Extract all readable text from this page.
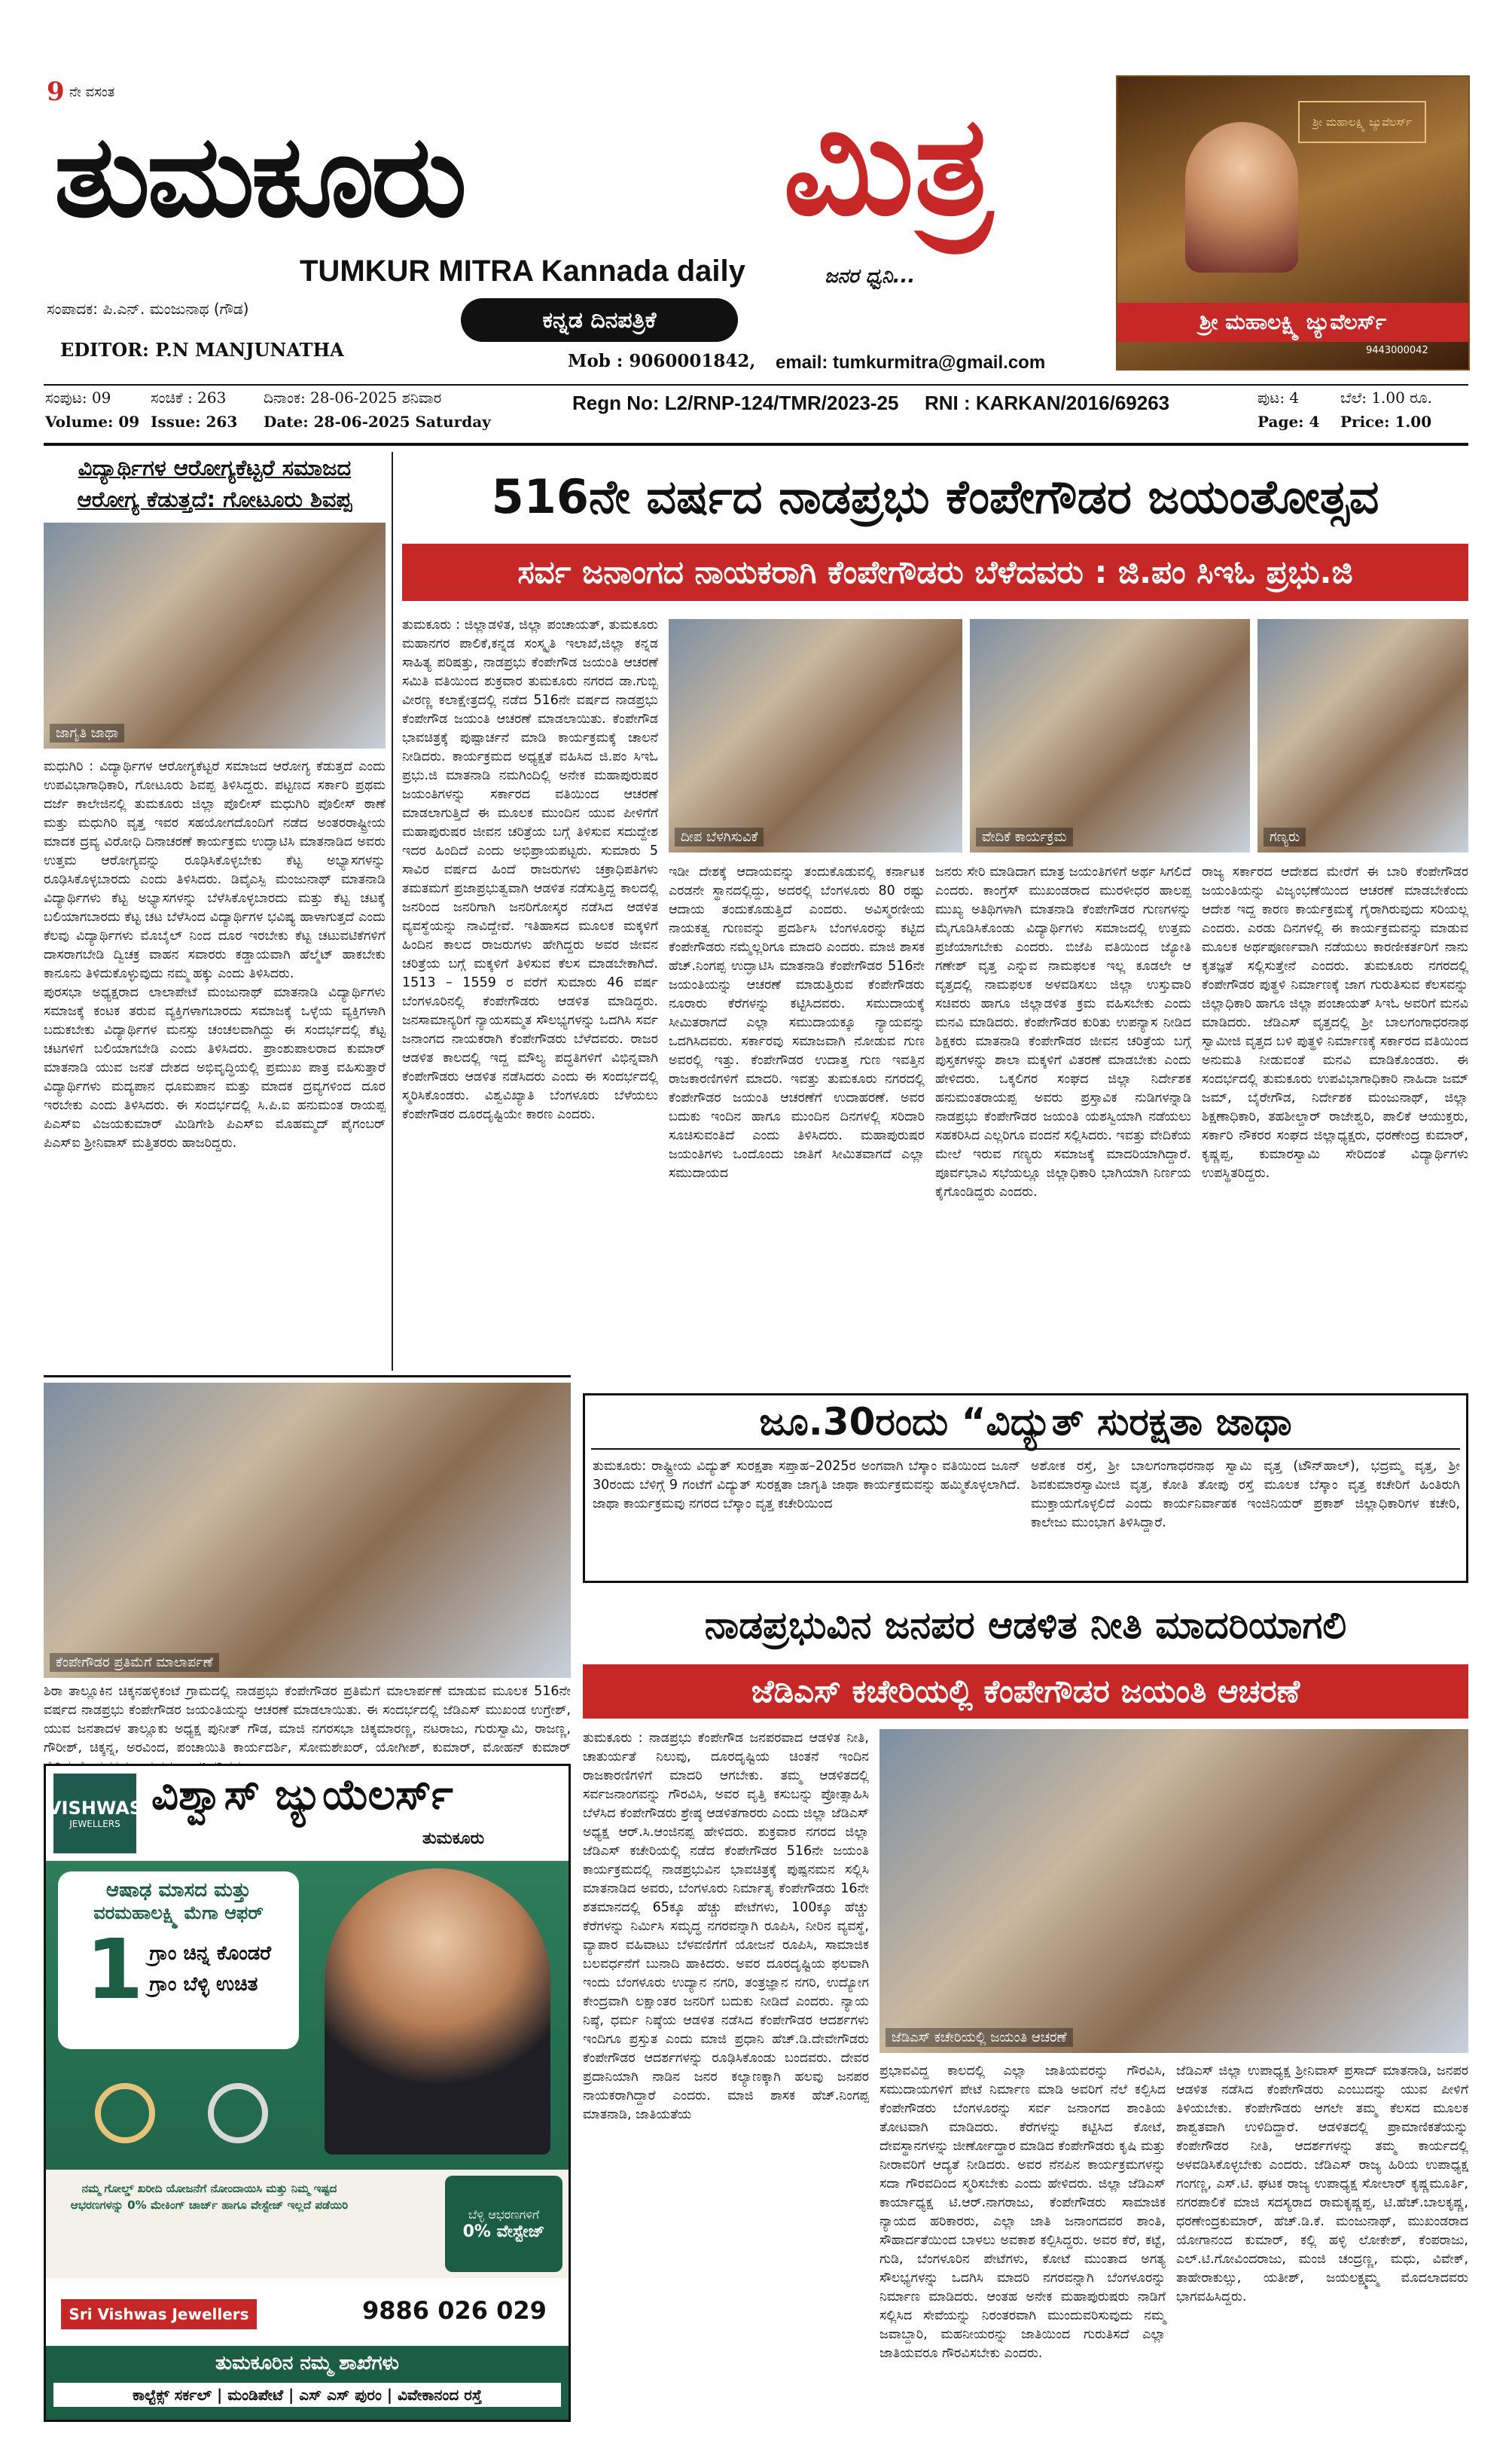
9 ನೇ ವಸಂತ
ತುಮಕೂರು ಮಿತ್ರ
TUMKUR MITRA Kannada daily	ಜನರ ಧ್ವನಿ...
ಸಂಪಾದಕ: ಪಿ.ಎನ್. ಮಂಜುನಾಥ (ಗೌಡ)
EDITOR: P.N MANJUNATHA
ಕನ್ನಡ ದಿನಪತ್ರಿಕೆ
Mob : 9060001842, email: tumkurmitra@gmail.com
ಶ್ರೀ ಮಹಾಲಕ್ಷ್ಮಿ ಜ್ಯುವೆಲರ್ಸ್
ಶ್ರೀ ಮಹಾಲಕ್ಷ್ಮಿ ಜ್ಯುವೆಲರ್ಸ್
9443000042
ಸಂಪುಟ: 09	ಸಂಚಿಕೆ : 263 ದಿನಾಂಕ: 28-06-2025 ಶನಿವಾರ
Volume: 09 Issue: 263 Date: 28-06-2025 Saturday
Regn No: L2/RNP-124/TMR/2023-25 RNI : KARKAN/2016/69263	ಪುಟ: 4	ಬೆಲೆ: 1.00 ರೂ.
Page: 4 Price: 1.00
ವಿದ್ಯಾರ್ಥಿಗಳ ಆರೋಗ್ಯಕೆಟ್ಟರೆ ಸಮಾಜದ ಆರೋಗ್ಯ ಕೆಡುತ್ತದೆ: ಗೋಟೂರು ಶಿವಪ್ಪ
ಜಾಗೃತಿ ಜಾಥಾ

ಮಧುಗಿರಿ : ವಿದ್ಯಾರ್ಥಿಗಳ ಆರೋಗ್ಯಕೆಟ್ಟರೆ ಸಮಾಜದ ಆರೋಗ್ಯ ಕೆಡುತ್ತದೆ ಎಂದು ಉಪವಿಭಾಗಾಧಿಕಾರಿ, ಗೋಟೂರು ಶಿವಪ್ಪ ತಿಳಿಸಿದ್ದರು. ಪಟ್ಟಣದ ಸರ್ಕಾರಿ ಪ್ರಥಮ ದರ್ಜೆ ಕಾಲೇಜಿನಲ್ಲಿ ತುಮಕೂರು ಜಿಲ್ಲಾ ಪೊಲೀಸ್ ಮಧುಗಿರಿ ಪೊಲೀಸ್ ಠಾಣೆ ಮತ್ತು ಮಧುಗಿರಿ ವೃತ್ತ ಇವರ ಸಹಯೋಗದೊಂದಿಗೆ ನಡೆದ ಅಂತರರಾಷ್ಟ್ರೀಯ ಮಾದಕ ದ್ರವ್ಯ ವಿರೋಧಿ ದಿನಾಚರಣೆ ಕಾರ್ಯಕ್ರಮ ಉದ್ಘಾಟಿಸಿ ಮಾತನಾಡಿದ ಅವರು ಉತ್ತಮ ಆರೋಗ್ಯವನ್ನು ರೂಢಿಸಿಕೊಳ್ಳಬೇಕು ಕೆಟ್ಟ ಅಭ್ಯಾಸಗಳನ್ನು ರೂಢಿಸಿಕೊಳ್ಳಬಾರದು ಎಂದು ತಿಳಿಸಿದರು. ಡಿವೈಎಸ್ಪಿ ಮಂಜುನಾಥ್ ಮಾತನಾಡಿ ವಿದ್ಯಾರ್ಥಿಗಳು ಕೆಟ್ಟ ಅಭ್ಯಾಸಗಳನ್ನು ಬೆಳೆಸಿಕೊಳ್ಳಬಾರದು ಮತ್ತು ಕೆಟ್ಟ ಚಟಕ್ಕೆ ಬಲಿಯಾಗಬಾರದು ಕೆಟ್ಟ ಚಟ ಬೆಳೆಸಿಂದ ವಿದ್ಯಾರ್ಥಿಗಳ ಭವಿಷ್ಯ ಹಾಳಾಗುತ್ತದೆ ಎಂದು ಕೆಲವು ವಿದ್ಯಾರ್ಥಿಗಳು ಮೊಬೈಲ್ ನಿಂದ ದೂರ ಇರಬೇಕು ಕೆಟ್ಟ ಚಟುವಟಿಕೆಗಳಿಗೆ ದಾಸರಾಗಬೇಡಿ ದ್ವಿಚಕ್ರ ವಾಹನ ಸವಾರರು ಕಡ್ಡಾಯವಾಗಿ ಹೆಲ್ಮೆಟ್ ಹಾಕಬೇಕು ಕಾನೂನು ತಿಳಿದುಕೊಳ್ಳುವುದು ನಮ್ಮ ಹಕ್ಕು ಎಂದು ತಿಳಿಸಿದರು.

ಪುರಸಭಾ ಅಧ್ಯಕ್ಷರಾದ ಲಾಲಾಪೇಟೆ ಮಂಜುನಾಥ್ ಮಾತನಾಡಿ ವಿದ್ಯಾರ್ಥಿಗಳು ಸಮಾಜಕ್ಕೆ ಕಂಟಕ ತರುವ ವ್ಯಕ್ತಿಗಳಾಗಬಾರದು ಸಮಾಜಕ್ಕೆ ಒಳ್ಳೆಯ ವ್ಯಕ್ತಿಗಳಾಗಿ ಬದುಕಬೇಕು ವಿದ್ಯಾರ್ಥಿಗಳ ಮನಸ್ಸು ಚಂಚಲವಾಗಿದ್ದು ಈ ಸಂದರ್ಭದಲ್ಲಿ ಕೆಟ್ಟ ಚಟಗಳಿಗೆ ಬಲಿಯಾಗಬೇಡಿ ಎಂದು ತಿಳಿಸಿದರು. ಪ್ರಾಂಶುಪಾಲರಾದ ಕುಮಾರ್ ಮಾತನಾಡಿ ಯುವ ಜನತೆ ದೇಶದ ಅಭಿವೃದ್ಧಿಯಲ್ಲಿ ಪ್ರಮುಖ ಪಾತ್ರ ವಹಿಸುತ್ತಾರೆ ವಿದ್ಯಾರ್ಥಿಗಳು ಮದ್ಯಪಾನ ಧೂಮಪಾನ ಮತ್ತು ಮಾದಕ ದ್ರವ್ಯಗಳಿಂದ ದೂರ ಇರಬೇಕು ಎಂದು ತಿಳಿಸಿದರು. ಈ ಸಂದರ್ಭದಲ್ಲಿ ಸಿ.ಪಿ.ಐ ಹನುಮಂತ ರಾಯಪ್ಪ ಪಿಎಸ್ಐ ವಿಜಯಕುಮಾರ್ ಮಿಡಿಗೇಶಿ ಪಿಎಸ್ಐ ಮೊಹಮ್ಮದ್ ಪೈಗಂಬರ್ ಪಿಎಸ್ಐ ಶ್ರೀನಿವಾಸ್ ಮತ್ತಿತರರು ಹಾಜರಿದ್ದರು.

516ನೇ ವರ್ಷದ ನಾಡಪ್ರಭು ಕೆಂಪೇಗೌಡರ ಜಯಂತೋತ್ಸವ
ಸರ್ವ ಜನಾಂಗದ ನಾಯಕರಾಗಿ ಕೆಂಪೇಗೌಡರು ಬೆಳೆದವರು : ಜಿ.ಪಂ ಸಿಇಓ ಪ್ರಭು.ಜಿ

ತುಮಕೂರು : ಜಿಲ್ಲಾಡಳಿತ, ಜಿಲ್ಲಾ ಪಂಚಾಯತ್, ತುಮಕೂರು ಮಹಾನಗರ ಪಾಲಿಕೆ,ಕನ್ನಡ ಸಂಸ್ಕೃತಿ ಇಲಾಖೆ,ಜಿಲ್ಲಾ ಕನ್ನಡ ಸಾಹಿತ್ಯ ಪರಿಷತ್ತು, ನಾಡಪ್ರಭು ಕೆಂಪೇಗೌಡ ಜಯಂತಿ ಆಚರಣೆ ಸಮಿತಿ ವತಿಯಿಂದ ಶುಕ್ರವಾರ ತುಮಕೂರು ನಗರದ ಡಾ.ಗುಬ್ಬಿ ವೀರಣ್ಣ ಕಲಾಕ್ಷೇತ್ರದಲ್ಲಿ ನಡೆದ 516ನೇ ವರ್ಷದ ನಾಡಪ್ರಭು ಕೆಂಪೇಗೌಡ ಜಯಂತಿ ಆಚರಣೆ ಮಾಡಲಾಯಿತು. ಕೆಂಪೇಗೌಡ ಭಾವಚಿತ್ರಕ್ಕೆ ಪುಷ್ಪಾರ್ಚನೆ ಮಾಡಿ ಕಾರ್ಯಕ್ರಮಕ್ಕೆ ಚಾಲನೆ ನೀಡಿದರು. ಕಾರ್ಯಕ್ರಮದ ಅಧ್ಯಕ್ಷತೆ ವಹಿಸಿದ ಜಿ.ಪಂ ಸಿಇಓ ಪ್ರಭು.ಜಿ ಮಾತನಾಡಿ ನಮಗಿಂದಿಲ್ಲಿ ಅನೇಕ ಮಹಾಪುರುಷರ ಜಯಂತಿಗಳನ್ನು ಸರ್ಕಾರದ ವತಿಯಿಂದ ಆಚರಣೆ ಮಾಡಲಾಗುತ್ತಿದೆ ಈ ಮೂಲಕ ಮುಂದಿನ ಯುವ ಪೀಳಿಗೆಗೆ ಮಹಾಪುರುಷರ ಜೀವನ ಚರಿತ್ರೆಯ ಬಗ್ಗೆ ತಿಳಿಸುವ ಸದುದ್ದೇಶ ಇದರ ಹಿಂದಿದೆ ಎಂದು ಅಭಿಪ್ರಾಯಪಟ್ಟರು. ಸುಮಾರು 5 ಸಾವಿರ ವರ್ಷದ ಹಿಂದೆ ರಾಜರುಗಳು ಚಕ್ರಾಧಿಪತಿಗಳು ತಮತಮಗೆ ಪ್ರಜಾಪ್ರಭುತ್ವವಾಗಿ ಆಡಳಿತ ನಡೆಸುತ್ತಿದ್ದ ಕಾಲದಲ್ಲಿ ಜನರಿಂದ ಜನರಿಗಾಗಿ ಜನರಿಗೋಸ್ಕರ ನಡೆಸಿದ ಆಡಳಿತ ವ್ಯವಸ್ಥೆಯನ್ನು ನಾವಿದ್ದೇವೆ. ಇತಿಹಾಸದ ಮೂಲಕ ಮಕ್ಕಳಿಗೆ ಹಿಂದಿನ ಕಾಲದ ರಾಜರುಗಳು ಹೇಗಿದ್ದರು ಅವರ ಜೀವನ ಚರಿತ್ರೆಯ ಬಗ್ಗೆ ಮಕ್ಕಳಿಗೆ ತಿಳಿಸುವ ಕೆಲಸ ಮಾಡಬೇಕಾಗಿದೆ. 1513 – 1559 ರ ವರೆಗೆ ಸುಮಾರು 46 ವರ್ಷ ಬೆಂಗಳೂರಿನಲ್ಲಿ ಕೆಂಪೇಗೌಡರು ಆಡಳಿತ ಮಾಡಿದ್ದರು. ಜನಸಾಮಾನ್ಯರಿಗೆ ನ್ಯಾಯಸಮ್ಮತ ಸೌಲಭ್ಯಗಳನ್ನು ಒದಗಿಸಿ ಸರ್ವ ಜನಾಂಗದ ನಾಯಕರಾಗಿ ಕೆಂಪೇಗೌಡರು ಬೆಳೆದವರು. ರಾಜರ ಆಡಳಿತ ಕಾಲದಲ್ಲಿ ಇದ್ದ ಮೌಲ್ಯ ಪದ್ಧತಿಗಳಿಗೆ ವಿಭಿನ್ನವಾಗಿ ಕೆಂಪೇಗೌಡರು ಆಡಳಿತ ನಡೆಸಿದರು ಎಂದು ಈ ಸಂದರ್ಭದಲ್ಲಿ ಸ್ಮರಿಸಿಕೊಂಡರು. ವಿಶ್ವವಿಖ್ಯಾತಿ ಬೆಂಗಳೂರು ಬೆಳೆಯಲು ಕೆಂಪೇಗೌಡರ ದೂರದೃಷ್ಟಿಯೇ ಕಾರಣ ಎಂದರು.

ದೀಪ ಬೆಳಗಿಸುವಿಕೆ	ವೇದಿಕೆ ಕಾರ್ಯಕ್ರಮ	ಗಣ್ಯರು

ಇಡೀ ದೇಶಕ್ಕೆ ಆದಾಯವನ್ನು ತಂದುಕೊಡುವಲ್ಲಿ ಕರ್ನಾಟಕ ಎರಡನೇ ಸ್ಥಾನದಲ್ಲಿದ್ದು, ಅದರಲ್ಲಿ ಬೆಂಗಳೂರು 80 ರಷ್ಟು ಆದಾಯ ತಂದುಕೊಡುತ್ತಿದೆ ಎಂದರು. ಅವಿಸ್ಮರಣೀಯ ನಾಯಕತ್ವ ಗುಣವನ್ನು ಪ್ರದರ್ಶಿಸಿ ಬೆಂಗಳೂರನ್ನು ಕಟ್ಟಿದ ಕೆಂಪೇಗೌಡರು ನಮ್ಮೆಲ್ಲರಿಗೂ ಮಾದರಿ ಎಂದರು. ಮಾಜಿ ಶಾಸಕ ಹೆಚ್.ನಿಂಗಪ್ಪ ಉದ್ಘಾಟಿಸಿ ಮಾತನಾಡಿ ಕೆಂಪೇಗೌಡರ 516ನೇ ಜಯಂತಿಯನ್ನು ಆಚರಣೆ ಮಾಡುತ್ತಿರುವ ಕೆಂಪೇಗೌಡರು ನೂರಾರು ಕೆರೆಗಳನ್ನು ಕಟ್ಟಿಸಿದವರು. ಸಮುದಾಯಕ್ಕೆ ಸೀಮಿತರಾಗದೆ ಎಲ್ಲಾ ಸಮುದಾಯಕ್ಕೂ ನ್ಯಾಯವನ್ನು ಒದಗಿಸಿದವರು. ಸರ್ಕಾರವು ಸಮಾಜವಾಗಿ ನೋಡುವ ಗುಣ ಅವರಲ್ಲಿ ಇತ್ತು. ಕೆಂಪೇಗೌಡರ ಉದಾತ್ತ ಗುಣ ಇವತ್ತಿನ ರಾಜಕಾರಣಿಗಳಿಗೆ ಮಾದರಿ. ಇವತ್ತು ತುಮಕೂರು ನಗರದಲ್ಲಿ ಕೆಂಪೇಗೌಡರ ಜಯಂತಿ ಆಚರಣೆಗೆ ಉದಾಹರಣೆ. ಅವರ ಬದುಕು ಇಂದಿನ ಹಾಗೂ ಮುಂದಿನ ದಿನಗಳಲ್ಲಿ ಸರಿದಾರಿ ಸೂಚಿಸುವಂತಿದೆ ಎಂದು ತಿಳಿಸಿದರು. ಮಹಾಪುರುಷರ ಜಯಂತಿಗಳು ಒಂದೊಂದು ಜಾತಿಗೆ ಸೀಮಿತವಾಗದೆ ಎಲ್ಲಾ ಸಮುದಾಯದ

ಜನರು ಸೇರಿ ಮಾಡಿದಾಗ ಮಾತ್ರ ಜಯಂತಿಗಳಿಗೆ ಅರ್ಥ ಸಿಗಲಿದೆ ಎಂದರು. ಕಾಂಗ್ರೆಸ್ ಮುಖಂಡರಾದ ಮುರಳೀಧರ ಹಾಲಪ್ಪ ಮುಖ್ಯ ಅತಿಥಿಗಳಾಗಿ ಮಾತನಾಡಿ ಕೆಂಪೇಗೌಡರ ಗುಣಗಳನ್ನು ಮೈಗೂಡಿಸಿಕೊಂಡು ವಿದ್ಯಾರ್ಥಿಗಳು ಸಮಾಜದಲ್ಲಿ ಉತ್ತಮ ಪ್ರಜೆಯಾಗಬೇಕು ಎಂದರು. ಬಿಜೆಪಿ ವತಿಯಿಂದ ಜ್ಯೋತಿ ಗಣೇಶ್ ವೃತ್ತ ಎನ್ನುವ ನಾಮಫಲಕ ಇಲ್ಲ ಕೂಡಲೇ ಆ ವೃತ್ತದಲ್ಲಿ ನಾಮಫಲಕ ಅಳವಡಿಸಲು ಜಿಲ್ಲಾ ಉಸ್ತುವಾರಿ ಸಚಿವರು ಹಾಗೂ ಜಿಲ್ಲಾಡಳಿತ ಕ್ರಮ ವಹಿಸಬೇಕು ಎಂದು ಮನವಿ ಮಾಡಿದರು. ಕೆಂಪೇಗೌಡರ ಕುರಿತು ಉಪನ್ಯಾಸ ನೀಡಿದ ಶಿಕ್ಷಕರು ಮಾತನಾಡಿ ಕೆಂಪೇಗೌಡರ ಜೀವನ ಚರಿತ್ರೆಯ ಬಗ್ಗೆ ಪುಸ್ತಕಗಳನ್ನು ಶಾಲಾ ಮಕ್ಕಳಿಗೆ ವಿತರಣೆ ಮಾಡಬೇಕು ಎಂದು ಹೇಳಿದರು. ಒಕ್ಕಲಿಗರ ಸಂಘದ ಜಿಲ್ಲಾ ನಿರ್ದೇಶಕ ಹನುಮಂತರಾಯಪ್ಪ ಅವರು ಪ್ರಸ್ತಾವಿಕ ನುಡಿಗಳನ್ನಾಡಿ ನಾಡಪ್ರಭು ಕೆಂಪೇಗೌಡರ ಜಯಂತಿ ಯಶಸ್ವಿಯಾಗಿ ನಡೆಯಲು ಸಹಕರಿಸಿದ ಎಲ್ಲರಿಗೂ ವಂದನೆ ಸಲ್ಲಿಸಿದರು. ಇವತ್ತು ವೇದಿಕೆಯ ಮೇಲೆ ಇರುವ ಗಣ್ಯರು ಸಮಾಜಕ್ಕೆ ಮಾದರಿಯಾಗಿದ್ದಾರೆ. ಪೂರ್ವಭಾವಿ ಸಭೆಯಲ್ಲೂ ಜಿಲ್ಲಾಧಿಕಾರಿ ಭಾಗಿಯಾಗಿ ನಿರ್ಣಯ ಕೈಗೊಂಡಿದ್ದರು ಎಂದರು.

ರಾಜ್ಯ ಸರ್ಕಾರದ ಆದೇಶದ ಮೇರೆಗೆ ಈ ಬಾರಿ ಕೆಂಪೇಗೌಡರ ಜಯಂತಿಯನ್ನು ವಿಜೃಂಭಣೆಯಿಂದ ಆಚರಣೆ ಮಾಡಬೇಕೆಂದು ಆದೇಶ ಇದ್ದ ಕಾರಣ ಕಾರ್ಯಕ್ರಮಕ್ಕೆ ಗೈರಾಗಿರುವುದು ಸರಿಯಲ್ಲ ಎಂದರು. ಎರಡು ದಿನಗಳಲ್ಲಿ ಈ ಕಾರ್ಯಕ್ರಮವನ್ನು ಮಾಡುವ ಮೂಲಕ ಅರ್ಥಪೂರ್ಣವಾಗಿ ನಡೆಯಲು ಕಾರಣೀಕರ್ತರಿಗೆ ನಾನು ಕೃತಜ್ಞತೆ ಸಲ್ಲಿಸುತ್ತೇನೆ ಎಂದರು. ತುಮಕೂರು ನಗರದಲ್ಲಿ ಕೆಂಪೇಗೌಡರ ಪುತ್ಥಳಿ ನಿರ್ಮಾಣಕ್ಕೆ ಜಾಗ ಗುರುತಿಸುವ ಕೆಲಸವನ್ನು ಜಿಲ್ಲಾಧಿಕಾರಿ ಹಾಗೂ ಜಿಲ್ಲಾ ಪಂಚಾಯತ್ ಸಿಇಓ ಅವರಿಗೆ ಮನವಿ ಮಾಡಿದರು. ಜೆಡಿಎಸ್ ವೃತ್ತದಲ್ಲಿ ಶ್ರೀ ಬಾಲಗಂಗಾಧರನಾಥ ಸ್ವಾಮೀಜಿ ವೃತ್ತದ ಬಳಿ ಪುತ್ಥಳಿ ನಿರ್ಮಾಣಕ್ಕೆ ಸರ್ಕಾರದ ವತಿಯಿಂದ ಅನುಮತಿ ನೀಡುವಂತೆ ಮನವಿ ಮಾಡಿಕೊಂಡರು. ಈ ಸಂದರ್ಭದಲ್ಲಿ ತುಮಕೂರು ಉಪವಿಭಾಗಾಧಿಕಾರಿ ನಾಹಿದಾ ಜಮ್ ಜಮ್, ಬೈರೇಗೌಡ, ನಿರ್ದೇಶಕ ಮಂಜುನಾಥ್, ಜಿಲ್ಲಾ ಶಿಕ್ಷಣಾಧಿಕಾರಿ, ತಹಶೀಲ್ದಾರ್ ರಾಜೇಶ್ವರಿ, ಪಾಲಿಕೆ ಆಯುಕ್ತರು, ಸರ್ಕಾರಿ ನೌಕರರ ಸಂಘದ ಜಿಲ್ಲಾಧ್ಯಕ್ಷರು, ಧರಣೇಂದ್ರ ಕುಮಾರ್, ಕೃಷ್ಣಪ್ಪ, ಕುಮಾರಸ್ವಾಮಿ ಸೇರಿದಂತೆ ವಿದ್ಯಾರ್ಥಿಗಳು ಉಪಸ್ಥಿತರಿದ್ದರು.

ಕೆಂಪೇಗೌಡರ ಪ್ರತಿಮೆಗೆ ಮಾಲಾರ್ಪಣೆ

ಶಿರಾ ತಾಲ್ಲೂಕಿನ ಚಿಕ್ಕನಹಳ್ಳಿಕಂಟೆ ಗ್ರಾಮದಲ್ಲಿ ನಾಡಪ್ರಭು ಕೆಂಪೇಗೌಡರ ಪ್ರತಿಮೆಗೆ ಮಾಲಾರ್ಪಣೆ ಮಾಡುವ ಮೂಲಕ 516ನೇ ವರ್ಷದ ನಾಡಪ್ರಭು ಕೆಂಪೇಗೌಡರ ಜಯಂತಿಯನ್ನು ಆಚರಣೆ ಮಾಡಲಾಯಿತು. ಈ ಸಂದರ್ಭದಲ್ಲಿ ಜೆಡಿಎಸ್ ಮುಖಂಡ ಉಗ್ರೇಶ್, ಯುವ ಜನತಾದಳ ತಾಲ್ಲೂಕು ಅಧ್ಯಕ್ಷ ಪುನೀತ್ ಗೌಡ, ಮಾಜಿ ನಗರಸಭಾ ಚಿಕ್ಕಮಾರಣ್ಣ, ನಟರಾಜು, ಗುರುಸ್ವಾಮಿ, ರಾಜಣ್ಣ, ಗೌರೀಶ್, ಚಿಕ್ಕನ್ನ, ಅರವಿಂದ, ಪಂಚಾಯಿತಿ ಕಾರ್ಯದರ್ಶಿ, ಸೋಮಶೇಖರ್, ಯೋಗೀಶ್, ಕುಮಾರ್, ಮೋಹನ್ ಕುಮಾರ್

ಜೂ.30ರಂದು “ವಿದ್ಯುತ್ ಸುರಕ್ಷತಾ ಜಾಥಾ

ತುಮಕೂರು: ರಾಷ್ಟ್ರೀಯ ವಿದ್ಯುತ್ ಸುರಕ್ಷತಾ ಸಪ್ತಾಹ–2025ರ ಅಂಗವಾಗಿ ಬೆಸ್ಕಾಂ ವತಿಯಿಂದ ಜೂನ್ 30ರಂದು ಬೆಳಿಗ್ಗೆ 9 ಗಂಟೆಗೆ ವಿದ್ಯುತ್ ಸುರಕ್ಷತಾ ಜಾಗೃತಿ ಜಾಥಾ ಕಾರ್ಯಕ್ರಮವನ್ನು ಹಮ್ಮಿಕೊಳ್ಳಲಾಗಿದೆ. ಜಾಥಾ ಕಾರ್ಯಕ್ರಮವು ನಗರದ ಬೆಸ್ಕಾಂ ವೃತ್ತ ಕಚೇರಿಯಿಂದ

ಅಶೋಕ ರಸ್ತೆ, ಶ್ರೀ ಬಾಲಗಂಗಾಧರನಾಥ ಸ್ವಾಮಿ ವೃತ್ತ (ಟೌನ್‌ಹಾಲ್), ಭದ್ರಮ್ಮ ವೃತ್ತ, ಶ್ರೀ ಶಿವಕುಮಾರಸ್ವಾಮೀಜಿ ವೃತ್ತ, ಕೋತಿ ತೋಪು ರಸ್ತೆ ಮೂಲಕ ಬೆಸ್ಕಾಂ ವೃತ್ತ ಕಚೇರಿಗೆ ಹಿಂತಿರುಗಿ ಮುಕ್ತಾಯಗೊಳ್ಳಲಿದೆ ಎಂದು ಕಾರ್ಯನಿರ್ವಾಹಕ ಇಂಜಿನಿಯರ್ ಪ್ರಕಾಶ್ ಜಿಲ್ಲಾಧಿಕಾರಿಗಳ ಕಚೇರಿ, ಕಾಲೇಜು ಮುಂಭಾಗ ತಿಳಿಸಿದ್ದಾರೆ.

ನಾಡಪ್ರಭುವಿನ ಜನಪರ ಆಡಳಿತ ನೀತಿ ಮಾದರಿಯಾಗಲಿ
ಜೆಡಿಎಸ್ ಕಚೇರಿಯಲ್ಲಿ ಕೆಂಪೇಗೌಡರ ಜಯಂತಿ ಆಚರಣೆ

ತುಮಕೂರು : ನಾಡಪ್ರಭು ಕೆಂಪೇಗೌಡ ಜನಪರವಾದ ಆಡಳಿತ ನೀತಿ, ಚಾತುರ್ಯತೆ ನಿಲುವು, ದೂರದೃಷ್ಟಿಯ ಚಿಂತನೆ ಇಂದಿನ ರಾಜಕಾರಣಿಗಳಿಗೆ ಮಾದರಿ ಆಗಬೇಕು. ತಮ್ಮ ಆಡಳಿತದಲ್ಲಿ ಸರ್ವಜನಾಂಗವನ್ನು ಗೌರವಿಸಿ, ಅವರ ವೃತ್ತಿ ಕಸುಬನ್ನು ಪ್ರೋತ್ಸಾಹಿಸಿ ಬೆಳೆಸಿದ ಕೆಂಪೇಗೌಡರು ಶ್ರೇಷ್ಠ ಆಡಳಿತಗಾರರು ಎಂದು ಜಿಲ್ಲಾ ಜೆಡಿಎಸ್ ಅಧ್ಯಕ್ಷ ಆರ್.ಸಿ.ಆಂಜಿನಪ್ಪ ಹೇಳಿದರು. ಶುಕ್ರವಾರ ನಗರದ ಜಿಲ್ಲಾ ಜೆಡಿಎಸ್ ಕಚೇರಿಯಲ್ಲಿ ನಡೆದ ಕೆಂಪೇಗೌಡರ 516ನೇ ಜಯಂತಿ ಕಾರ್ಯಕ್ರಮದಲ್ಲಿ ನಾಡಪ್ರಭುವಿನ ಭಾವಚಿತ್ರಕ್ಕೆ ಪುಷ್ಪನಮನ ಸಲ್ಲಿಸಿ ಮಾತನಾಡಿದ ಅವರು, ಬೆಂಗಳೂರು ನಿರ್ಮಾತೃ ಕೆಂಪೇಗೌಡರು 16ನೇ ಶತಮಾನದಲ್ಲಿ 65ಕ್ಕೂ ಹೆಚ್ಚು ಪೇಟೆಗಳು, 100ಕ್ಕೂ ಹೆಚ್ಚು ಕೆರೆಗಳನ್ನು ನಿರ್ಮಿಸಿ ಸಮೃದ್ಧ ನಗರವನ್ನಾಗಿ ರೂಪಿಸಿ, ನೀರಿನ ವ್ಯವಸ್ಥೆ, ವ್ಯಾಪಾರ ವಹಿವಾಟು ಬೆಳವಣಿಗೆಗೆ ಯೋಜನೆ ರೂಪಿಸಿ, ಸಾಮಾಜಿಕ ಬಲವರ್ಧನೆಗೆ ಬುನಾದಿ ಹಾಕಿದರು. ಅವರ ದೂರದೃಷ್ಟಿಯ ಫಲವಾಗಿ ಇಂದು ಬೆಂಗಳೂರು ಉದ್ಯಾನ ನಗರಿ, ತಂತ್ರಜ್ಞಾನ ನಗರಿ, ಉದ್ಯೋಗ ಕೇಂದ್ರವಾಗಿ ಲಕ್ಷಾಂತರ ಜನರಿಗೆ ಬದುಕು ನೀಡಿದೆ ಎಂದರು. ನ್ಯಾಯ ನಿಷ್ಠೆ, ಧರ್ಮ ನಿಷ್ಠೆಯ ಆಡಳಿತ ನಡೆಸಿದ ಕೆಂಪೇಗೌಡರ ಆದರ್ಶಗಳು ಇಂದಿಗೂ ಪ್ರಸ್ತುತ ಎಂದು ಮಾಜಿ ಪ್ರಧಾನಿ ಹೆಚ್.ಡಿ.ದೇವೇಗೌಡರು ಕೆಂಪೇಗೌಡರ ಆದರ್ಶಗಳನ್ನು ರೂಢಿಸಿಕೊಂಡು ಬಂದವರು. ದೇವರ ಪ್ರದಾನಿಯಾಗಿ ನಾಡಿನ ಜನರ ಕಲ್ಯಾಣಕ್ಕಾಗಿ ಹಲವು ಜನಪರ ನಾಯಕರಾಗಿದ್ದಾರೆ ಎಂದರು. ಮಾಜಿ ಶಾಸಕ ಹೆಚ್.ನಿಂಗಪ್ಪ ಮಾತನಾಡಿ, ಜಾತಿಯತೆಯ

ಜೆಡಿಎಸ್ ಕಚೇರಿಯಲ್ಲಿ ಜಯಂತಿ ಆಚರಣೆ

ಪ್ರಭಾವವಿದ್ದ ಕಾಲದಲ್ಲಿ ಎಲ್ಲಾ ಜಾತಿಯವರನ್ನು ಗೌರವಿಸಿ, ಸಮುದಾಯಗಳಿಗೆ ಪೇಟೆ ನಿರ್ಮಾಣ ಮಾಡಿ ಅವರಿಗೆ ನೆಲೆ ಕಲ್ಪಿಸಿದ ಕೆಂಪೇಗೌಡರು ಬೆಂಗಳೂರನ್ನು ಸರ್ವ ಜನಾಂಗದ ಶಾಂತಿಯ ತೋಟವಾಗಿ ಮಾಡಿದರು. ಕೆರೆಗಳನ್ನು ಕಟ್ಟಿಸಿದ ಕೋಟೆ, ದೇವಸ್ಥಾನಗಳನ್ನು ಜೀರ್ಣೋದ್ಧಾರ ಮಾಡಿದ ಕೆಂಪೇಗೌಡರು ಕೃಷಿ ಮತ್ತು ನೀರಾವರಿಗೆ ಆದ್ಯತೆ ನೀಡಿದರು. ಅವರ ನೆನಪಿನ ಕಾರ್ಯಕ್ರಮಗಳನ್ನು ಸದಾ ಗೌರವದಿಂದ ಸ್ಮರಿಸಬೇಕು ಎಂದು ಹೇಳಿದರು. ಜಿಲ್ಲಾ ಜೆಡಿಎಸ್ ಕಾರ್ಯಾಧ್ಯಕ್ಷ ಟಿ.ಆರ್.ನಾಗರಾಜು, ಕೆಂಪೇಗೌಡರು ಸಾಮಾಜಿಕ ನ್ಯಾಯದ ಹರಿಕಾರರು, ಎಲ್ಲಾ ಜಾತಿ ಜನಾಂಗದವರ ಶಾಂತಿ, ಸೌಹಾರ್ದತೆಯಿಂದ ಬಾಳಲು ಅವಕಾಶ ಕಲ್ಪಿಸಿದ್ದರು. ಅವರ ಕೆರೆ, ಕಟ್ಟೆ, ಗುಡಿ, ಬೆಂಗಳೂರಿನ ಪೇಟೆಗಳು, ಕೋಟೆ ಮುಂತಾದ ಅಗತ್ಯ ಸೌಲಭ್ಯಗಳನ್ನು ಒದಗಿಸಿ ಮಾದರಿ ನಗರವನ್ನಾಗಿ ಬೆಂಗಳೂರನ್ನು ನಿರ್ಮಾಣ ಮಾಡಿದರು. ಆಂತಹ ಅನೇಕ ಮಹಾಪುರುಷರು ನಾಡಿಗೆ ಸಲ್ಲಿಸಿದ ಸೇವೆಯನ್ನು ನಿರಂತರವಾಗಿ ಮುಂದುವರಿಸುವುದು ನಮ್ಮ ಜವಾಬ್ದಾರಿ, ಮಹನೀಯರನ್ನು ಜಾತಿಯಿಂದ ಗುರುತಿಸದೆ ಎಲ್ಲಾ ಜಾತಿಯವರೂ ಗೌರವಿಸಬೇಕು ಎಂದರು.

ಜೆಡಿಎಸ್ ಜಿಲ್ಲಾ ಉಪಾಧ್ಯಕ್ಷ ಶ್ರೀನಿವಾಸ್ ಪ್ರಸಾದ್ ಮಾತನಾಡಿ, ಜನಪರ ಆಡಳಿತ ನಡೆಸಿದ ಕೆಂಪೇಗೌಡರು ಎಂಬುದನ್ನು ಯುವ ಪೀಳಿಗೆ ತಿಳಿಯಬೇಕು. ಕೆಂಪೇಗೌಡರು ಆಗಲೇ ತಮ್ಮ ಕೆಲಸದ ಮೂಲಕ ಶಾಶ್ವತವಾಗಿ ಉಳಿದಿದ್ದಾರೆ. ಆಡಳಿತದಲ್ಲಿ ಪ್ರಾಮಾಣಿಕತೆಯನ್ನು ಕೆಂಪೇಗೌಡರ ನೀತಿ, ಆದರ್ಶಗಳನ್ನು ತಮ್ಮ ಕಾರ್ಯದಲ್ಲಿ ಅಳವಡಿಸಿಕೊಳ್ಳಬೇಕು ಎಂದರು. ಜೆಡಿಎಸ್ ರಾಜ್ಯ ಹಿರಿಯ ಉಪಾಧ್ಯಕ್ಷ ಗಂಗಣ್ಣ, ಎಸ್.ಟಿ. ಘಟಕ ರಾಜ್ಯ ಉಪಾಧ್ಯಕ್ಷ ಸೋಲಾರ್ ಕೃಷ್ಣಮೂರ್ತಿ, ನಗರಪಾಲಿಕೆ ಮಾಜಿ ಸದಸ್ಯರಾದ ರಾಮಕೃಷ್ಣಪ್ಪ, ಟಿ.ಹೆಚ್.ಬಾಲಕೃಷ್ಣ, ಧರಣೇಂದ್ರಕುಮಾರ್, ಹೆಚ್.ಡಿ.ಕೆ. ಮಂಜುನಾಥ್, ಮುಖಂಡರಾದ ಯೋಗಾನಂದ ಕುಮಾರ್, ಕಲ್ಲಿ ಹಳ್ಳಿ ಲೋಕೇಶ್, ಕೆಂಪರಾಜು, ಎಲ್.ಟಿ.ಗೋವಿಂದರಾಜು, ಮಂಜಿ ಚಂದ್ರಣ್ಣ, ಮಧು, ವಿವೇಕ್, ತಾಹೇರಾಕುಲ್ಸು, ಯತೀಶ್, ಜಯಲಕ್ಷ್ಮಮ್ಮ ಮೊದಲಾದವರು ಭಾಗವಹಿಸಿದ್ದರು.

VISHWAS
JEWELLERS
ವಿಶ್ವಾಸ್ ಜ್ಯುಯೆಲರ್ಸ್
ತುಮಕೂರು
ಆಷಾಢ ಮಾಸದ ಮತ್ತು
ವರಮಹಾಲಕ್ಷ್ಮಿ ಮೆಗಾ ಆಫರ್
1 ಗ್ರಾಂ ಚಿನ್ನ ಕೊಂಡರೆ
ಗ್ರಾಂ ಬೆಳ್ಳಿ ಉಚಿತ
ನಮ್ಮ ಗೋಲ್ಡ್ ಖರೀದಿ ಯೋಜನೆಗೆ ನೋಂದಾಯಿಸಿ ಮತ್ತು ನಿಮ್ಮ ಇಷ್ಟದ ಆಭರಣಗಳನ್ನು 0% ಮೇಕಿಂಗ್ ಚಾರ್ಜ್ ಹಾಗೂ ವೇಸ್ಟೇಜ್ ಇಲ್ಲದೆ ಪಡೆಯಿರಿ
ಬೆಳ್ಳಿ ಆಭರಣಗಳಿಗೆ
0% ವೇಸ್ಟೇಜ್
Sri Vishwas Jewellers	9886 026 029
ತುಮಕೂರಿನ ನಮ್ಮ ಶಾಖೆಗಳು
ಕಾಲ್ಟೆಕ್ಸ್ ಸರ್ಕಲ್ | ಮಂಡಿಪೇಟೆ | ಎಸ್ ಎಸ್ ಪುರಂ | ವಿವೇಕಾನಂದ ರಸ್ತೆ
